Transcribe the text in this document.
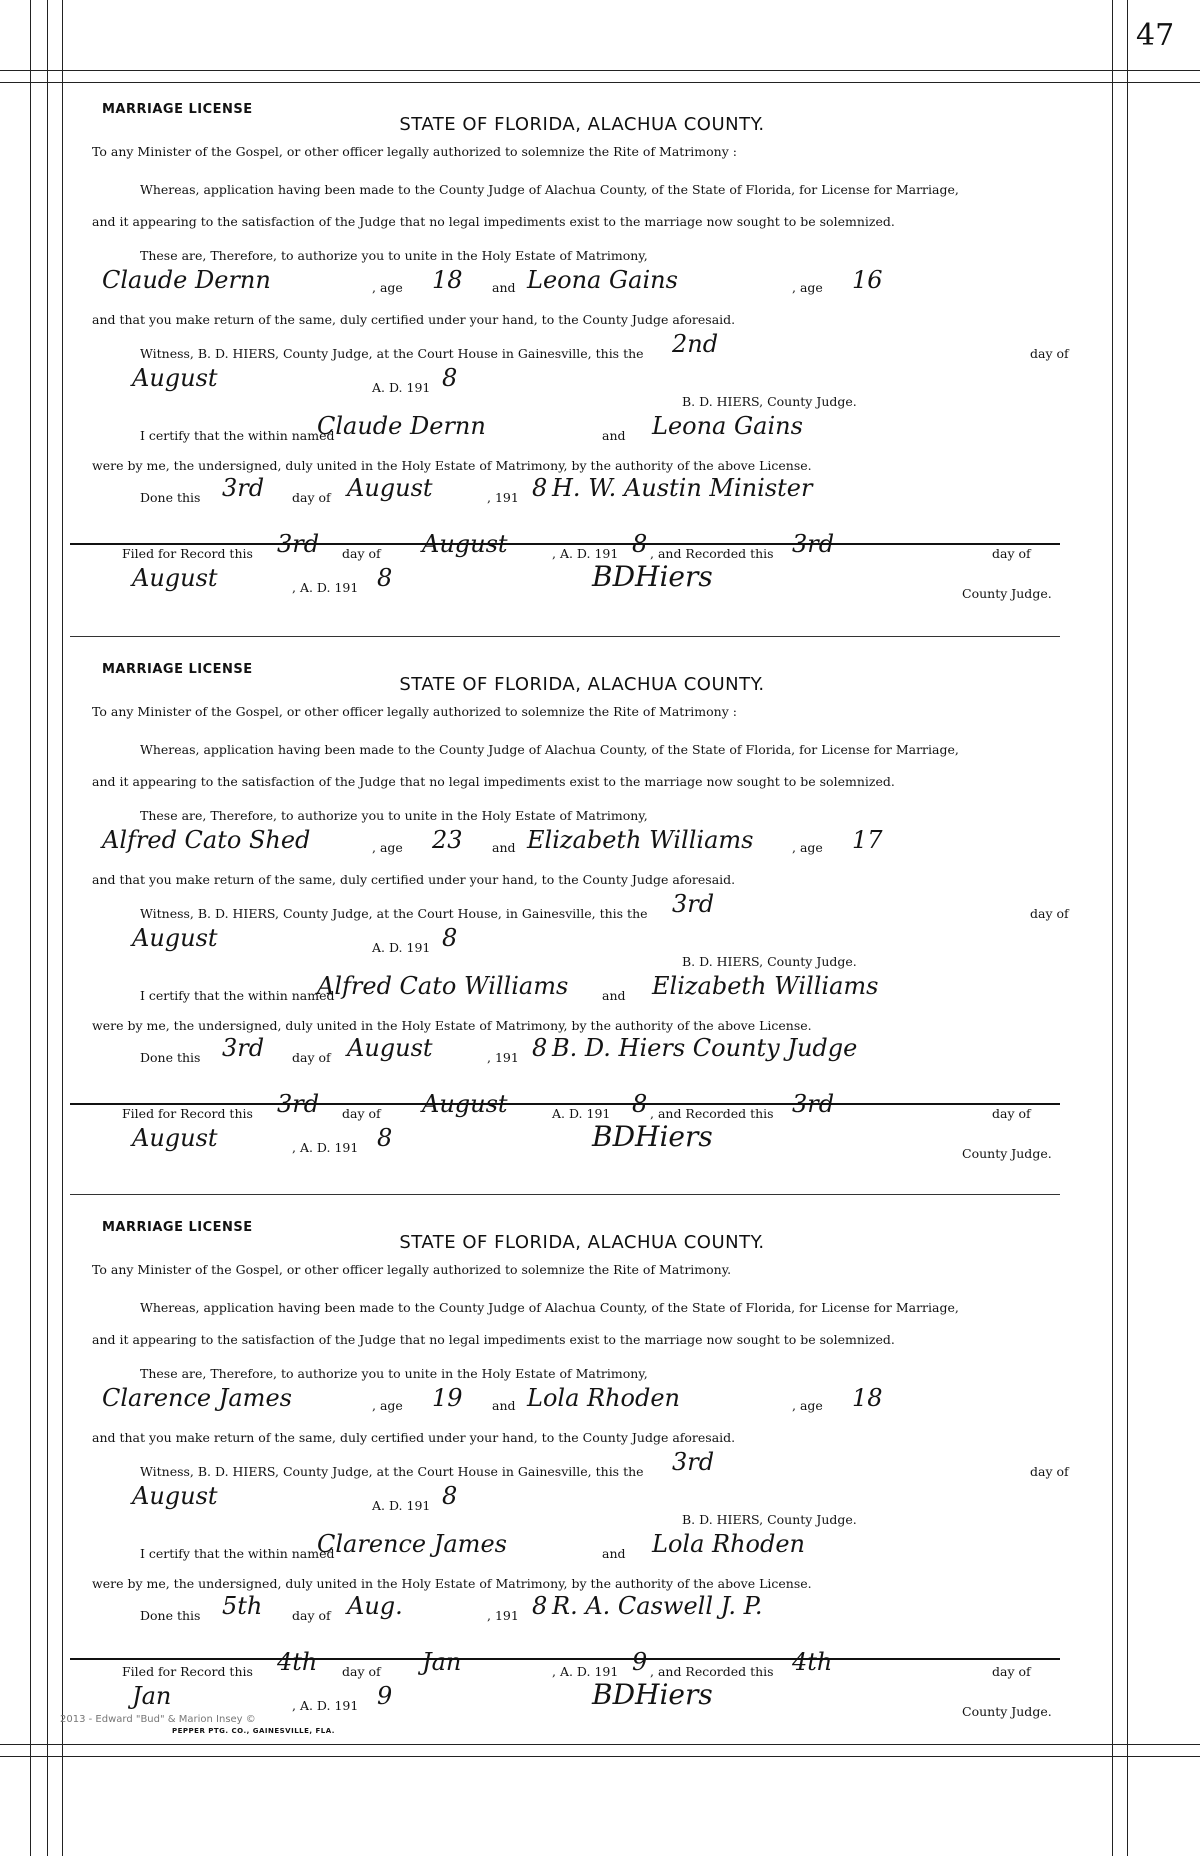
47
MARRIAGE LICENSE
STATE OF FLORIDA, ALACHUA COUNTY.
To any Minister of the Gospel, or other officer legally authorized to solemnize the Rite of Matrimony :
Whereas, application having been made to the County Judge of Alachua County, of the State of Florida, for License for Marriage,
and it appearing to the satisfaction of the Judge that no legal impediments exist to the marriage now sought to be solemnized.
These are, Therefore, to authorize you to unite in the Holy Estate of Matrimony,
Claude Dernn	, age 18 and Leona Gains	, age 16
and that you make return of the same, duly certified under your hand, to the County Judge aforesaid.
Witness, B. D. HIERS, County Judge, at the Court House in Gainesville, this the 2nd	day of
August	A. D. 191 8
B. D. HIERS, County Judge.
I certify that the within named
Claude Dernn	and Leona Gains
were by me, the undersigned, duly united in the Holy Estate of Matrimony, by the authority of the above License.
Done this 3rd day of August	, 191 8 H. W. Austin Minister
Filed for Record this 3rd day of August	, A. D. 191 8 , and Recorded this 3rd	day of
August	, A. D. 191 8	BDHiers
County Judge.
MARRIAGE LICENSE
STATE OF FLORIDA, ALACHUA COUNTY.
To any Minister of the Gospel, or other officer legally authorized to solemnize the Rite of Matrimony :
Whereas, application having been made to the County Judge of Alachua County, of the State of Florida, for License for Marriage,
and it appearing to the satisfaction of the Judge that no legal impediments exist to the marriage now sought to be solemnized.
These are, Therefore, to authorize you to unite in the Holy Estate of Matrimony,
Alfred Cato Shed	, age 23 and Elizabeth Williams	, age 17
and that you make return of the same, duly certified under your hand, to the County Judge aforesaid.
Witness, B. D. HIERS, County Judge, at the Court House, in Gainesville, this the 3rd	day of
August	A. D. 191 8
B. D. HIERS, County Judge.
I certify that the within named
Alfred Cato Williams	and Elizabeth Williams
were by me, the undersigned, duly united in the Holy Estate of Matrimony, by the authority of the above License.
Done this 3rd day of August	, 191 8 B. D. Hiers County Judge
Filed for Record this 3rd day of August	A. D. 191 8 , and Recorded this 3rd	day of
August	, A. D. 191 8	BDHiers
County Judge.
MARRIAGE LICENSE
STATE OF FLORIDA, ALACHUA COUNTY.
To any Minister of the Gospel, or other officer legally authorized to solemnize the Rite of Matrimony.
Whereas, application having been made to the County Judge of Alachua County, of the State of Florida, for License for Marriage,
and it appearing to the satisfaction of the Judge that no legal impediments exist to the marriage now sought to be solemnized.
These are, Therefore, to authorize you to unite in the Holy Estate of Matrimony,
Clarence James	, age 19 and Lola Rhoden	, age 18
and that you make return of the same, duly certified under your hand, to the County Judge aforesaid.
Witness, B. D. HIERS, County Judge, at the Court House in Gainesville, this the 3rd	day of
August	A. D. 191 8
B. D. HIERS, County Judge.
I certify that the within named
Clarence James	and Lola Rhoden
were by me, the undersigned, duly united in the Holy Estate of Matrimony, by the authority of the above License.
Done this 5th day of Aug.	, 191 8 R. A. Caswell J. P.
Filed for Record this 4th day of Jan	, A. D. 191 9 , and Recorded this 4th	day of
Jan	, A. D. 191 9	BDHiers
County Judge.
2013 - Edward "Bud" & Marion Insey ©
PEPPER PTG. CO., GAINESVILLE, FLA.
